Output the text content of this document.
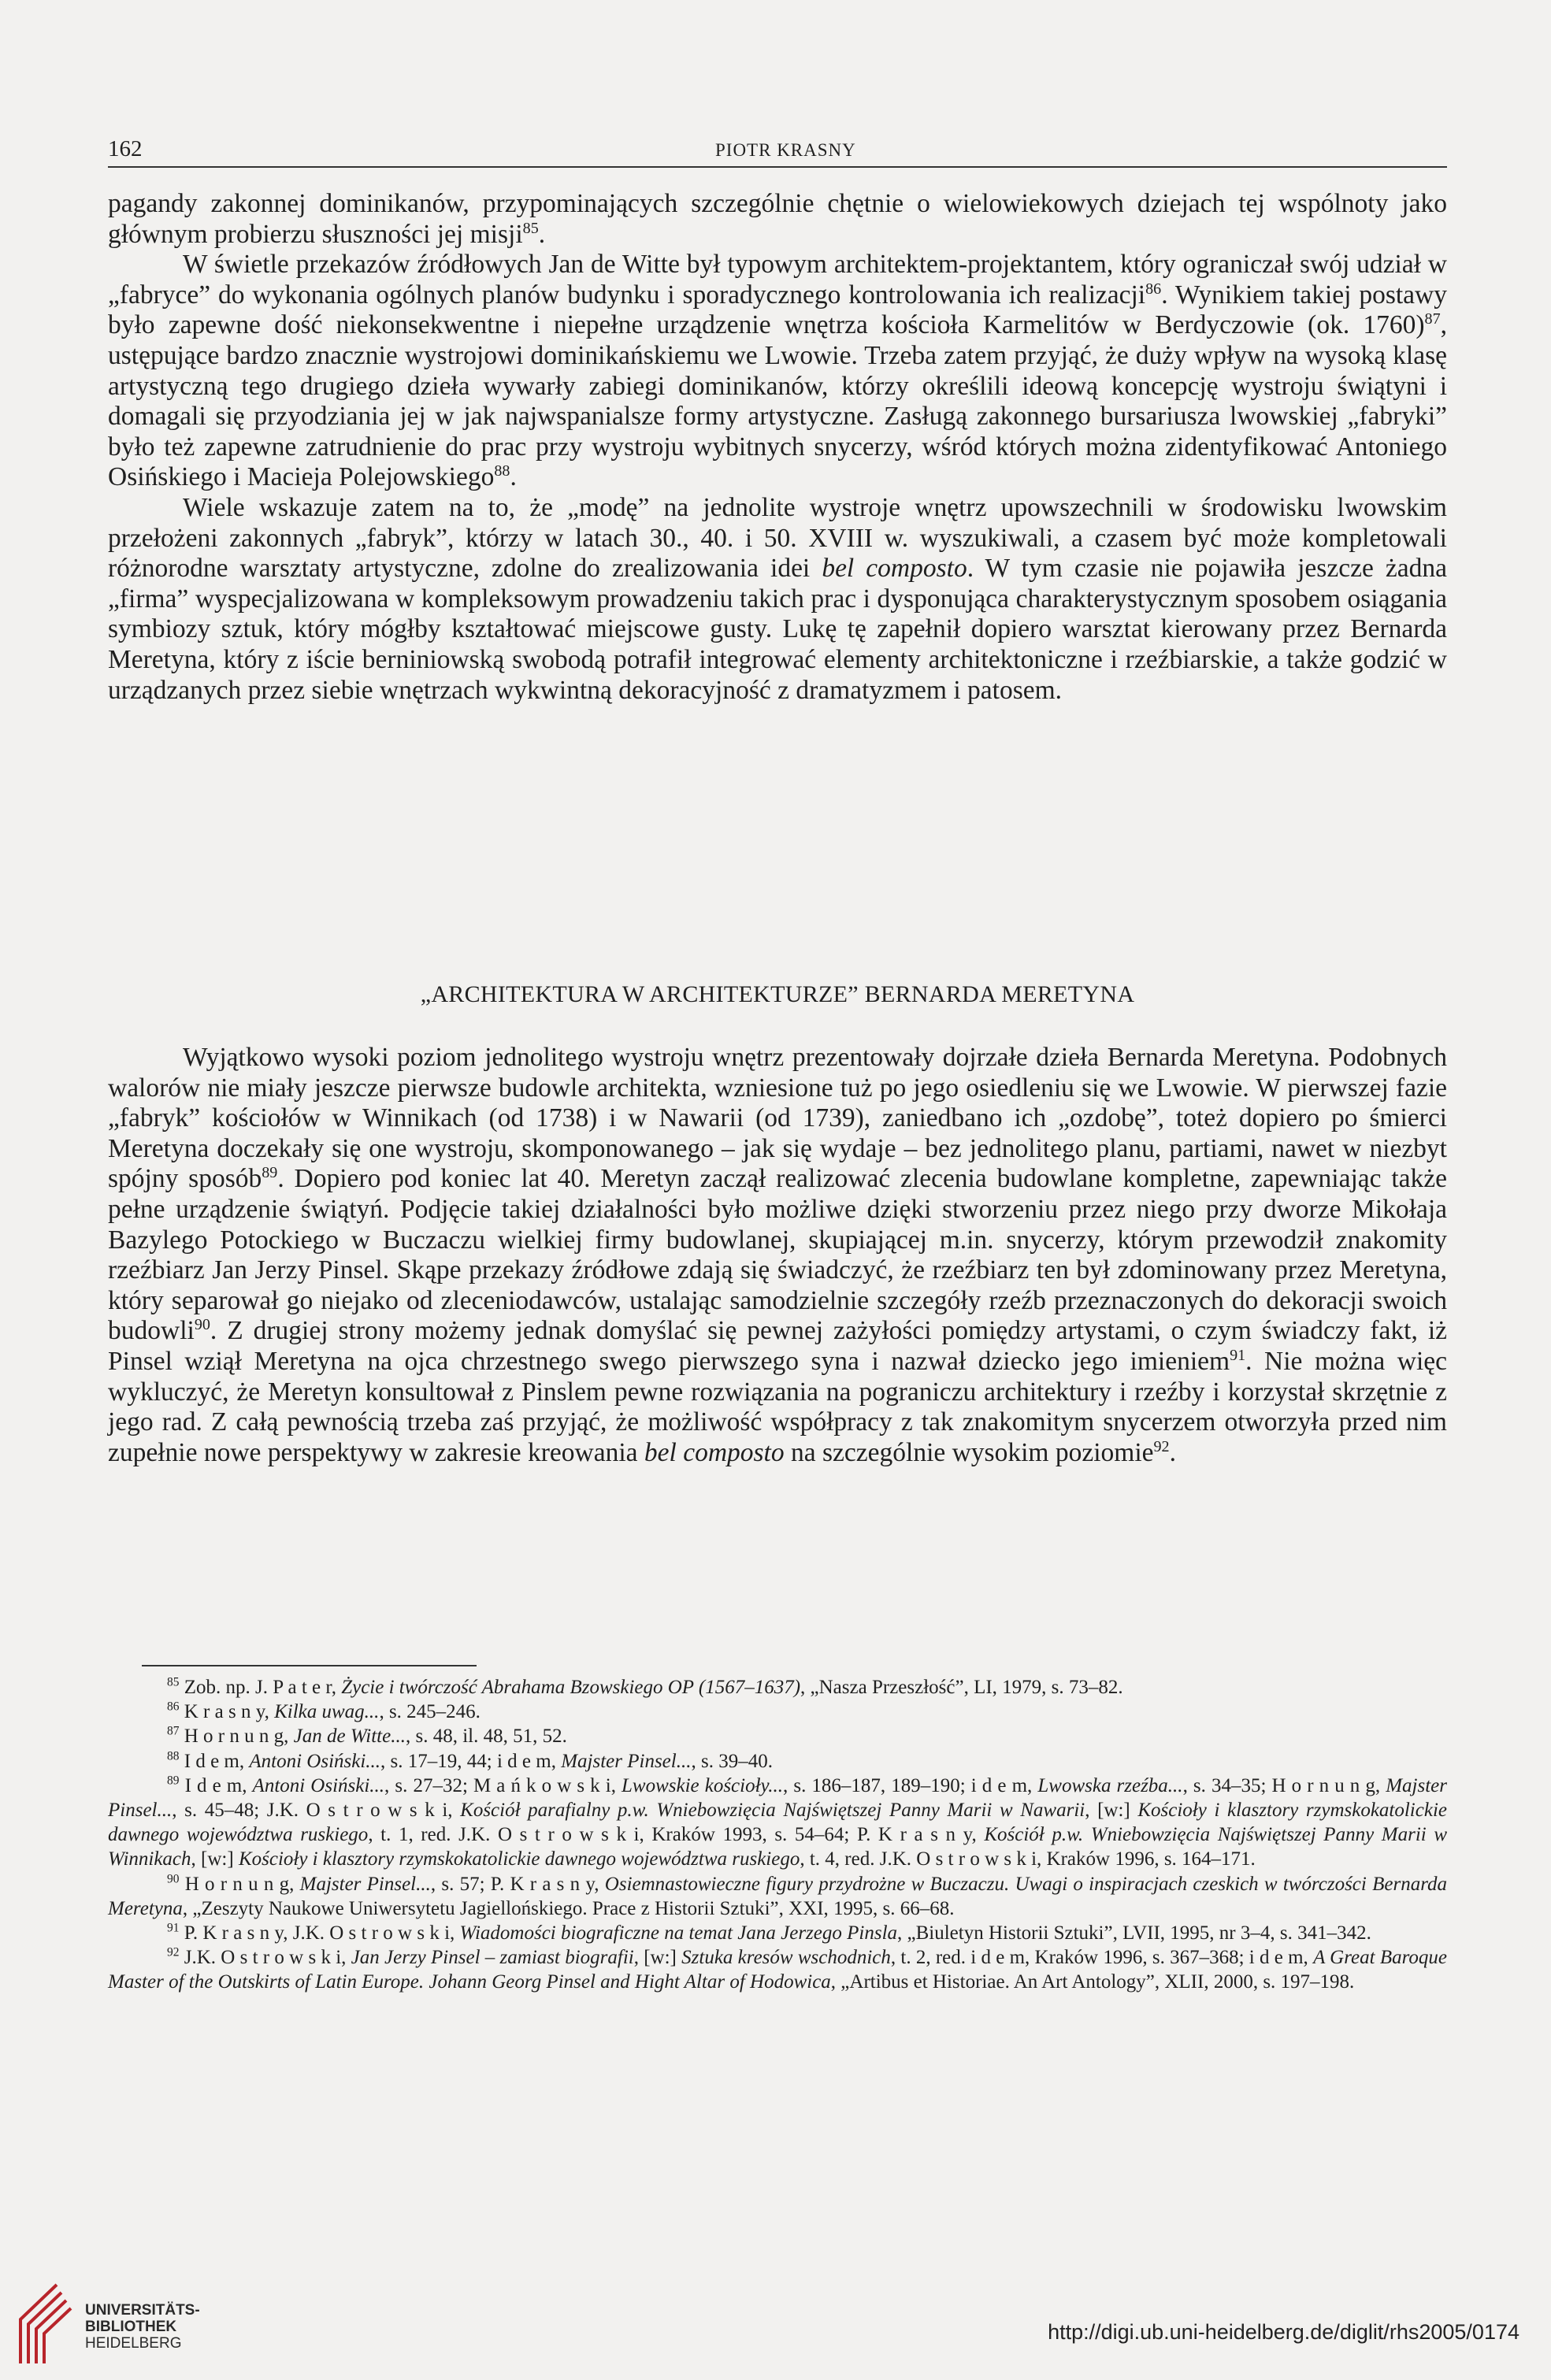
162	PIOTR KRASNY

pagandy zakonnej dominikanów, przypominających szczególnie chętnie o wielowiekowych dziejach tej wspólnoty jako głównym probierzu słuszności jej misji$^{85}$.

W świetle przekazów źródłowych Jan de Witte był typowym architektem-projektantem, który ograniczał swój udział w „fabryce” do wykonania ogólnych planów budynku i sporadycznego kontrolowania ich realizacji$^{86}$. Wynikiem takiej postawy było zapewne dość niekonsekwentne i niepełne urządzenie wnętrza kościoła Karmelitów w Berdyczowie (ok. 1760)$^{87}$, ustępujące bardzo znacznie wystrojowi dominikańskiemu we Lwowie. Trzeba zatem przyjąć, że duży wpływ na wysoką klasę artystyczną tego drugiego dzieła wywarły zabiegi dominikanów, którzy określili ideową koncepcję wystroju świątyni i domagali się przyodziania jej w jak najwspanialsze formy artystyczne. Zasługą zakonnego bursariusza lwowskiej „fabryki” było też zapewne zatrudnienie do prac przy wystroju wybitnych snycerzy, wśród których można zidentyfikować Antoniego Osińskiego i Macieja Polejowskiego$^{88}$.

Wiele wskazuje zatem na to, że „modę” na jednolite wystroje wnętrz upowszechnili w środowisku lwowskim przełożeni zakonnych „fabryk”, którzy w latach 30., 40. i 50. XVIII w. wyszukiwali, a czasem być może kompletowali różnorodne warsztaty artystyczne, zdolne do zrealizowania idei bel composto. W tym czasie nie pojawiła jeszcze żadna „firma” wyspecjalizowana w kompleksowym prowadzeniu takich prac i dysponująca charakterystycznym sposobem osiągania symbiozy sztuk, który mógłby kształtować miejscowe gusty. Lukę tę zapełnił dopiero warsztat kierowany przez Bernarda Meretyna, który z iście berniniowską swobodą potrafił integrować elementy architektoniczne i rzeźbiarskie, a także godzić w urządzanych przez siebie wnętrzach wykwintną dekoracyjność z dramatyzmem i patosem.

„ARCHITEKTURA W ARCHITEKTURZE” BERNARDA MERETYNA

Wyjątkowo wysoki poziom jednolitego wystroju wnętrz prezentowały dojrzałe dzieła Bernarda Meretyna. Podobnych walorów nie miały jeszcze pierwsze budowle architekta, wzniesione tuż po jego osiedleniu się we Lwowie. W pierwszej fazie „fabryk” kościołów w Winnikach (od 1738) i w Nawarii (od 1739), zaniedbano ich „ozdobę”, toteż dopiero po śmierci Meretyna doczekały się one wystroju, skomponowanego – jak się wydaje – bez jednolitego planu, partiami, nawet w niezbyt spójny sposób$^{89}$. Dopiero pod koniec lat 40. Meretyn zaczął realizować zlecenia budowlane kompletne, zapewniając także pełne urządzenie świątyń. Podjęcie takiej działalności było możliwe dzięki stworzeniu przez niego przy dworze Mikołaja Bazylego Potockiego w Buczaczu wielkiej firmy budowlanej, skupiającej m.in. snycerzy, którym przewodził znakomity rzeźbiarz Jan Jerzy Pinsel. Skąpe przekazy źródłowe zdają się świadczyć, że rzeźbiarz ten był zdominowany przez Meretyna, który separował go niejako od zleceniodawców, ustalając samodzielnie szczegóły rzeźb przeznaczonych do dekoracji swoich budowli$^{90}$. Z drugiej strony możemy jednak domyślać się pewnej zażyłości pomiędzy artystami, o czym świadczy fakt, iż Pinsel wziął Meretyna na ojca chrzestnego swego pierwszego syna i nazwał dziecko jego imieniem$^{91}$. Nie można więc wykluczyć, że Meretyn konsultował z Pinslem pewne rozwiązania na pograniczu architektury i rzeźby i korzystał skrzętnie z jego rad. Z całą pewnością trzeba zaś przyjąć, że możliwość współpracy z tak znakomitym snycerzem otworzyła przed nim zupełnie nowe perspektywy w zakresie kreowania bel composto na szczególnie wysokim poziomie$^{92}$.

$^{85}$ Zob. np. J. P a t e r, Życie i twórczość Abrahama Bzowskiego OP (1567–1637), „Nasza Przeszłość”, LI, 1979, s. 73–82.

$^{86}$ K r a s n y, Kilka uwag..., s. 245–246.

$^{87}$ H o r n u n g, Jan de Witte..., s. 48, il. 48, 51, 52.

$^{88}$ I d e m, Antoni Osiński..., s. 17–19, 44; i d e m, Majster Pinsel..., s. 39–40.

$^{89}$ I d e m, Antoni Osiński..., s. 27–32; M a ń k o w s k i, Lwowskie kościoły..., s. 186–187, 189–190; i d e m, Lwowska rzeźba..., s. 34–35; H o r n u n g, Majster Pinsel..., s. 45–48; J.K. O s t r o w s k i, Kościół parafialny p.w. Wniebowzięcia Najświętszej Panny Marii w Nawarii, [w:] Kościoły i klasztory rzymskokatolickie dawnego województwa ruskiego, t. 1, red. J.K. O s t r o w s k i, Kraków 1993, s. 54–64; P. K r a s n y, Kościół p.w. Wniebowzięcia Najświętszej Panny Marii w Winnikach, [w:] Kościoły i klasztory rzymskokatolickie dawnego województwa ruskiego, t. 4, red. J.K. O s t r o w s k i, Kraków 1996, s. 164–171.

$^{90}$ H o r n u n g, Majster Pinsel..., s. 57; P. K r a s n y, Osiemnastowieczne figury przydrożne w Buczaczu. Uwagi o inspiracjach czeskich w twórczości Bernarda Meretyna, „Zeszyty Naukowe Uniwersytetu Jagiellońskiego. Prace z Historii Sztuki”, XXI, 1995, s. 66–68.

$^{91}$ P. K r a s n y, J.K. O s t r o w s k i, Wiadomości biograficzne na temat Jana Jerzego Pinsla, „Biuletyn Historii Sztuki”, LVII, 1995, nr 3–4, s. 341–342.

$^{92}$ J.K. O s t r o w s k i, Jan Jerzy Pinsel – zamiast biografii, [w:] Sztuka kresów wschodnich, t. 2, red. i d e m, Kraków 1996, s. 367–368; i d e m, A Great Baroque Master of the Outskirts of Latin Europe. Johann Georg Pinsel and Hight Altar of Hodowica, „Artibus et Historiae. An Art Antology”, XLII, 2000, s. 197–198.

UNIVERSITÄTS-
BIBLIOTHEK
HEIDELBERG	http://digi.ub.uni-heidelberg.de/diglit/rhs2005/0174
